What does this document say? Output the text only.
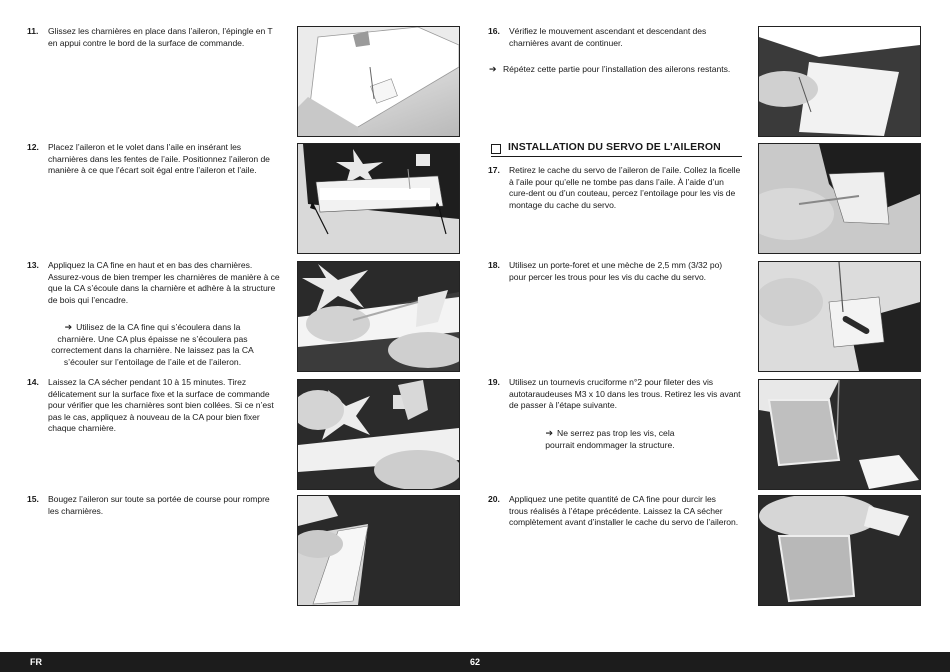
11. Glissez les charnières en place dans l’aileron, l’épingle en T
en appui contre le bord de la surface de commande.
12. Placez l’aileron et le volet dans l’aile en insérant les
charnières dans les fentes de l’aile. Positionnez l’aileron de
manière à ce que l’écart soit égal entre l’aileron et l’aile.
13. Appliquez la CA fine en haut et en bas des charnières.
Assurez-vous de bien tremper les charnières de manière à ce
que la CA s’écoule dans la charnière et adhère à la structure
de bois qui l’encadre.
➔ Utilisez de la CA fine qui s’écoulera dans la
charnière. Une CA plus épaisse ne s’écoulera pas
correctement dans la charnière. Ne laissez pas la CA
s’écouler sur l’entoilage de l’aile et de l’aileron.
14. Laissez la CA sécher pendant 10 à 15 minutes. Tirez
délicatement sur la surface fixe et la surface de commande
pour vérifier que les charnières sont bien collées. Si ce n’est
pas le cas, appliquez à nouveau de la CA pour bien fixer
chaque charnière.
15. Bougez l’aileron sur toute sa portée de course pour rompre
les charnières.
16. Vérifiez le mouvement ascendant et descendant des
charnières avant de continuer.
➔ Répétez cette partie pour l’installation des ailerons restants.
INSTALLATION DU SERVO DE L’AILERON
17. Retirez le cache du servo de l’aileron de l’aile. Collez la ficelle
à l’aile pour qu’elle ne tombe pas dans l’aile. À l’aide d’un
cure-dent ou d’un couteau, percez l’entoilage pour les vis de
montage du cache du servo.
18. Utilisez un porte-foret et une mèche de 2,5 mm (3/32 po)
pour percer les trous pour les vis du cache du servo.
19. Utilisez un tournevis cruciforme n°2 pour fileter des vis
autotaraudeuses M3 x 10 dans les trous. Retirez les vis avant
de passer à l’étape suivante.
➔ Ne serrez pas trop les vis, cela
pourrait endommager la structure.
20. Appliquez une petite quantité de CA fine pour durcir les
trous réalisés à l’étape précédente. Laissez la CA sécher
complètement avant d’installer le cache du servo de l’aileron.
FR	62
